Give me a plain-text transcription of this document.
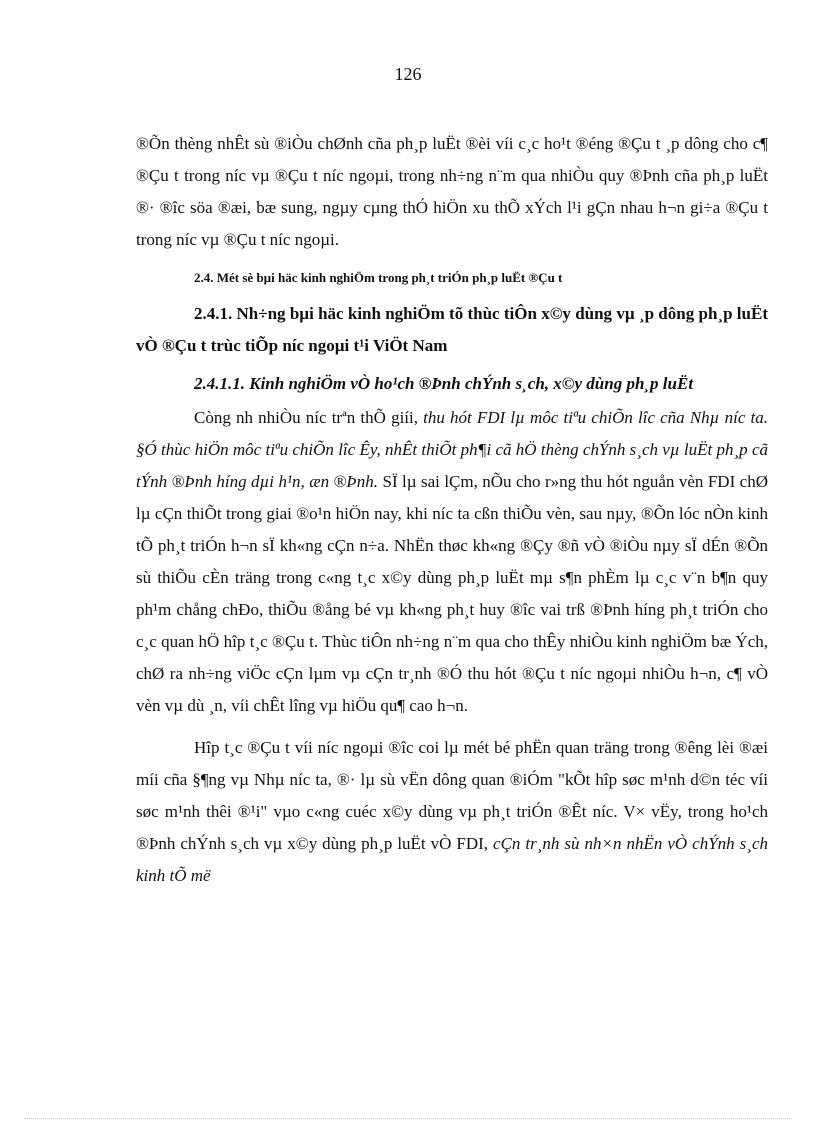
126

®Õn thèng nhÊt sù ®iÒu chØnh cña ph¸p luËt ®èi víi c¸c ho¹t ®éng ®Çu t ¸p dông cho c¶ ®Çu t trong níc vµ ®Çu t níc ngoµi, trong nh÷ng n¨m qua nhiÒu quy ®Þnh cña ph¸p luËt ®· ®îc söa ®æi, bæ sung, ngµy cµng thÓ hiÖn xu thÕ xÝch l¹i gÇn nhau h¬n gi÷a ®Çu t trong níc vµ ®Çu t níc ngoµi.

2.4. Mét sè bµi häc kinh nghiÖm trong ph¸t triÓn ph¸p luËt ®Çu t

2.4.1. Nh÷ng bµi häc kinh nghiÖm tõ thùc tiÔn x©y dùng vµ ¸p dông ph¸p luËt vÒ ®Çu t trùc tiÕp níc ngoµi t¹i ViÖt Nam

2.4.1.1. Kinh nghiÖm vÒ ho¹ch ®Þnh chÝnh s¸ch, x©y dùng ph¸p luËt

Còng nh nhiÒu níc trªn thÕ giíi, thu hót FDI lµ môc tiªu chiÕn lîc cña Nhµ níc ta. §Ó thùc hiÖn môc tiªu chiÕn lîc Êy, nhÊt thiÕt ph¶i cã hÖ thèng chÝnh s¸ch vµ luËt ph¸p cã tÝnh ®Þnh híng dµi h¹n, æn ®Þnh. SÏ lµ sai lÇm, nÕu cho r»ng thu hót nguån vèn FDI chØ lµ cÇn thiÕt trong giai ®o¹n hiÖn nay, khi níc ta cßn thiÕu vèn, sau nµy, ®Õn lóc nÒn kinh tÕ ph¸t triÓn h¬n sÏ kh«ng cÇn n÷a. NhËn thøc kh«ng ®Çy ®ñ vÒ ®iÒu nµy sÏ dÉn ®Õn sù thiÕu cÈn träng trong c«ng t¸c x©y dùng ph¸p luËt mµ s¶n phÈm lµ c¸c v¨n b¶n quy ph¹m chång chÐo, thiÕu ®ång bé vµ kh«ng ph¸t huy ®îc vai trß ®Þnh híng ph¸t triÓn cho c¸c quan hÖ hîp t¸c ®Çu t. Thùc tiÔn nh÷ng n¨m qua cho thÊy nhiÒu kinh nghiÖm bæ Ých, chØ ra nh÷ng viÖc cÇn lµm vµ cÇn tr¸nh ®Ó thu hót ®Çu t níc ngoµi nhiÒu h¬n, c¶ vÒ vèn vµ dù ¸n, víi chÊt lîng vµ hiÖu qu¶ cao h¬n.

Hîp t¸c ®Çu t víi níc ngoµi ®îc coi lµ mét bé phËn quan träng trong ®êng lèi ®æi míi cña §¶ng vµ Nhµ níc ta, ®· lµ sù vËn dông quan ®iÓm "kÕt hîp søc m¹nh d©n téc víi søc m¹nh thêi ®¹i" vµo c«ng cuéc x©y dùng vµ ph¸t triÓn ®Êt níc. V× vËy, trong ho¹ch ®Þnh chÝnh s¸ch vµ x©y dùng ph¸p luËt vÒ FDI, cÇn tr¸nh sù nh×n nhËn vÒ chÝnh s¸ch kinh tÕ më
